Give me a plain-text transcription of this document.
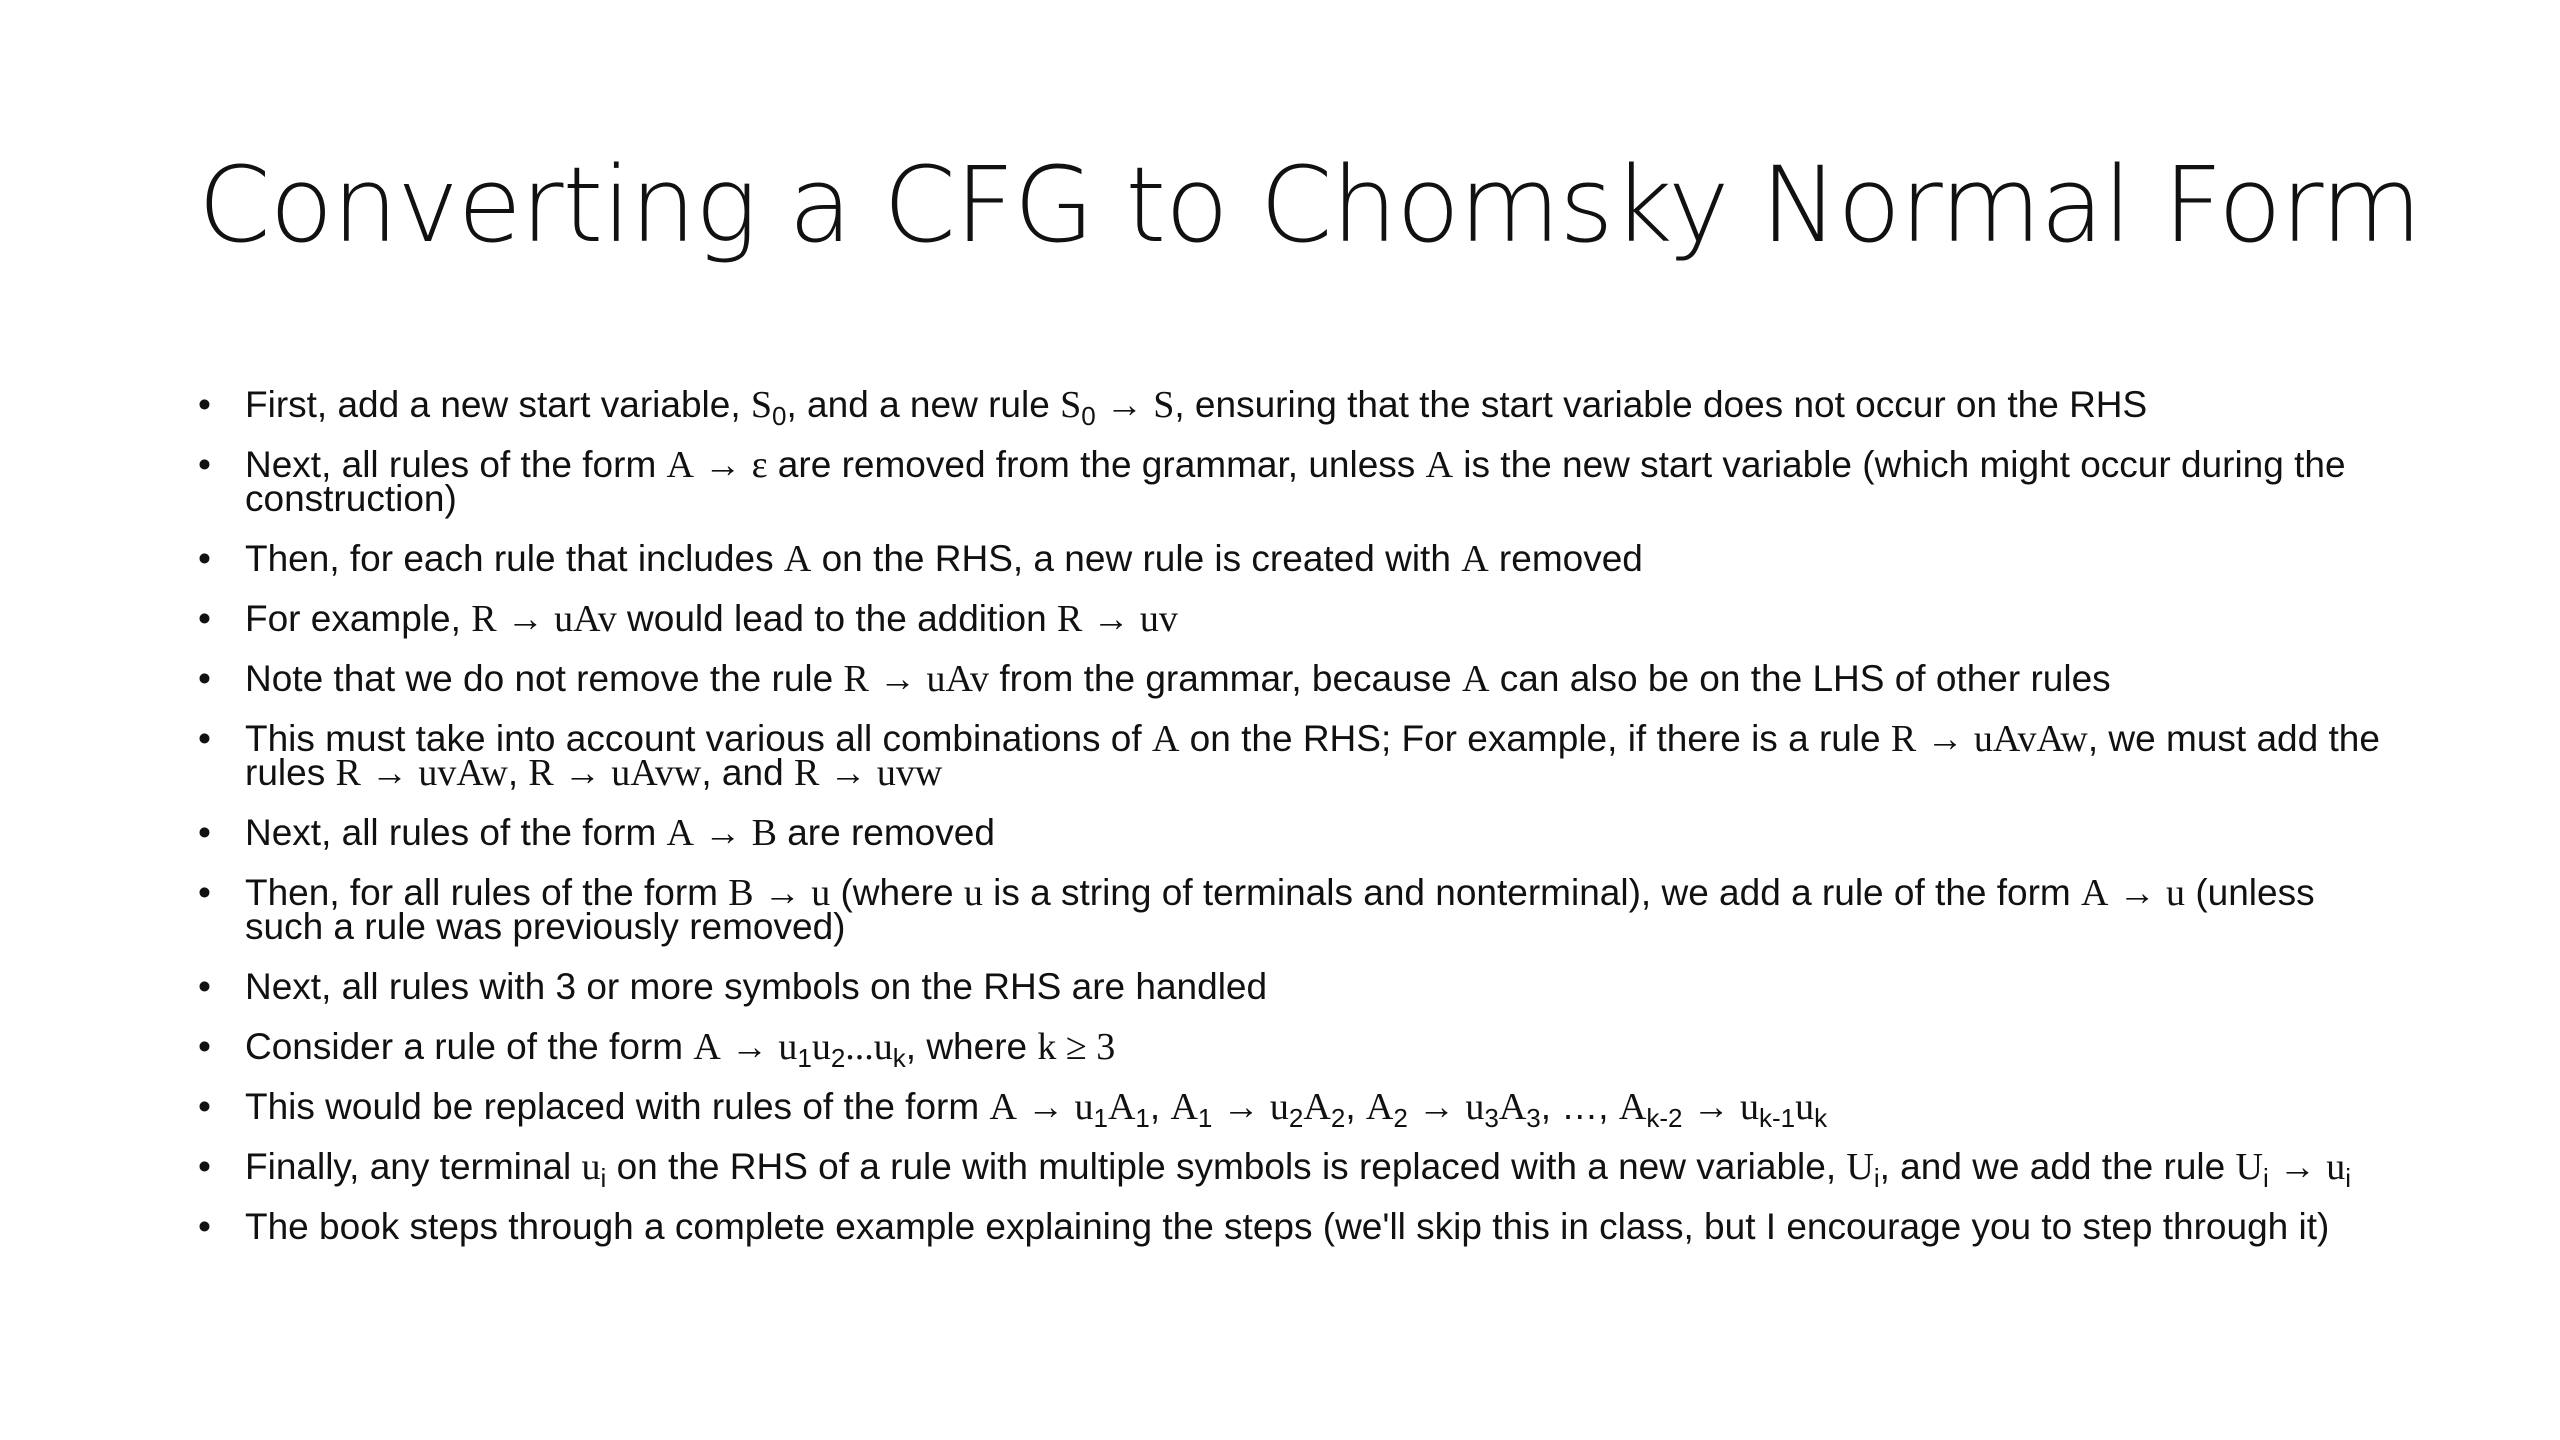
Converting a CFG to Chomsky Normal Form
• First, add a new start variable, $S_0$, and a new rule $S_0 \to S$, ensuring that the start variable does not occur on the RHS
• Next, all rules of the form A → ε are removed from the grammar, unless A is the new start variable (which might occur during the construction)
• Then, for each rule that includes A on the RHS, a new rule is created with A removed
• For example, R → uAv would lead to the addition R → uv
• Note that we do not remove the rule R → uAv from the grammar, because A can also be on the LHS of other rules
• This must take into account various all combinations of A on the RHS; For example, if there is a rule R → uAvAw, we must add the rules R → uvAw, R → uAvw, and R → uvw
• Next, all rules of the form A → B are removed
• Then, for all rules of the form B → u (where u is a string of terminals and nonterminal), we add a rule of the form A → u (unless such a rule was previously removed)
• Next, all rules with 3 or more symbols on the RHS are handled
• Consider a rule of the form $A \to u_1u_2...u_k$, where k ≥ 3
• This would be replaced with rules of the form $A \to u_1A_1$, $A_1 \to u_2A_2$, $A_2 \to u_3A_3$, …, $A_{k-2} \to u_{k-1}u_k$
• Finally, any terminal $u_i$ on the RHS of a rule with multiple symbols is replaced with a new variable, $U_i$, and we add the rule $U_i \to u_i$
• The book steps through a complete example explaining the steps (we'll skip this in class, but I encourage you to step through it)
